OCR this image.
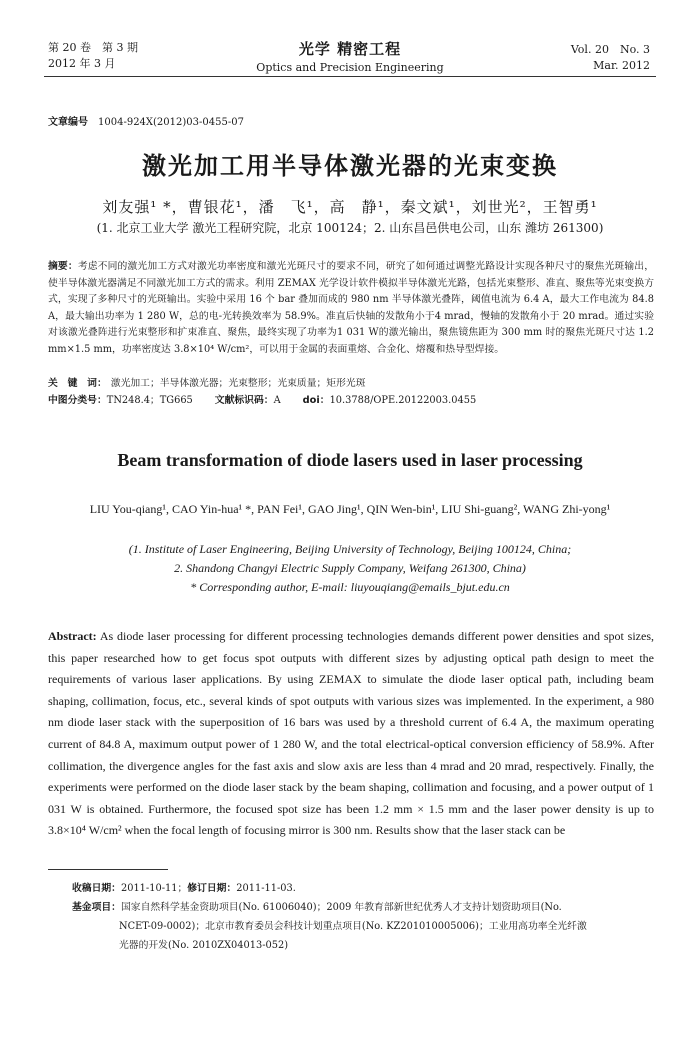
第 20 卷　第 3 期
2012 年 3 月
光学 精密工程
Optics and Precision Engineering
Vol. 20　No. 3
Mar. 2012
文章编号 1004-924X(2012)03-0455-07
激光加工用半导体激光器的光束变换
刘友强¹ *，曹银花¹，潘　飞¹，高　静¹，秦文斌¹，刘世光²，王智勇¹
(1. 北京工业大学 激光工程研究院，北京 100124；2. 山东昌邑供电公司，山东 潍坊 261300)
摘要：考虑不同的激光加工方式对激光功率密度和激光光斑尺寸的要求不同，研究了如何通过调整光路设计实现各种尺寸的聚焦光斑输出，使半导体激光器满足不同激光加工方式的需求。利用 ZEMAX 光学设计软件模拟半导体激光光路，包括光束整形、准直、聚焦等光束变换方式，实现了多种尺寸的光斑输出。实验中采用 16 个 bar 叠加而成的 980 nm 半导体激光叠阵，阈值电流为 6.4 A，最大工作电流为 84.8 A，最大输出功率为 1 280 W，总的电-光转换效率为 58.9%。准直后快轴的发散角小于4 mrad，慢轴的发散角小于 20 mrad。通过实验对该激光叠阵进行光束整形和扩束准直、聚焦，最终实现了功率为1 031 W的激光输出，聚焦镜焦距为 300 mm 时的聚焦光斑尺寸达 1.2 mm×1.5 mm，功率密度达 3.8×10⁴ W/cm²，可以用于金属的表面重熔、合金化、熔覆和热导型焊接。
关　键　词： 激光加工；半导体激光器；光束整形；光束质量；矩形光斑
中图分类号：TN248.4；TG665 文献标识码：A doi：10.3788/OPE.20122003.0455
Beam transformation of diode lasers used in laser processing
LIU You-qiang¹, CAO Yin-hua¹ *, PAN Fei¹, GAO Jing¹, QIN Wen-bin¹, LIU Shi-guang², WANG Zhi-yong¹
(1. Institute of Laser Engineering, Beijing University of Technology, Beijing 100124, China;
2. Shandong Changyi Electric Supply Company, Weifang 261300, China)
* Corresponding author, E-mail: liuyouqiang@emails_bjut.edu.cn
Abstract: As diode laser processing for different processing technologies demands different power densities and spot sizes, this paper researched how to get focus spot outputs with different sizes by adjusting optical path design to meet the requirements of various laser applications. By using ZEMAX to simulate the diode laser optical path, including beam shaping, collimation, focus, etc., several kinds of spot outputs with various sizes was implemented. In the experiment, a 980 nm diode laser stack with the superposition of 16 bars was used by a threshold current of 6.4 A, the maximum operating current of 84.8 A, maximum output power of 1 280 W, and the total electrical-optical conversion efficiency of 58.9%. After collimation, the divergence angles for the fast axis and slow axis are less than 4 mrad and 20 mrad, respectively. Finally, the experiments were performed on the diode laser stack by the beam shaping, collimation and focusing, and a power output of 1 031 W is obtained. Furthermore, the focused spot size has been 1.2 mm × 1.5 mm and the laser power density is up to 3.8×10⁴ W/cm² when the focal length of focusing mirror is 300 nm. Results show that the laser stack can be
收稿日期：2011-10-11；修订日期：2011-11-03.
基金项目：国家自然科学基金资助项目(No. 61006040)；2009 年教育部新世纪优秀人才支持计划资助项目(No.
NCET-09-0002)；北京市教育委员会科技计划重点项目(No. KZ201010005006)；工业用高功率全光纤激
光器的开发(No. 2010ZX04013-052)
